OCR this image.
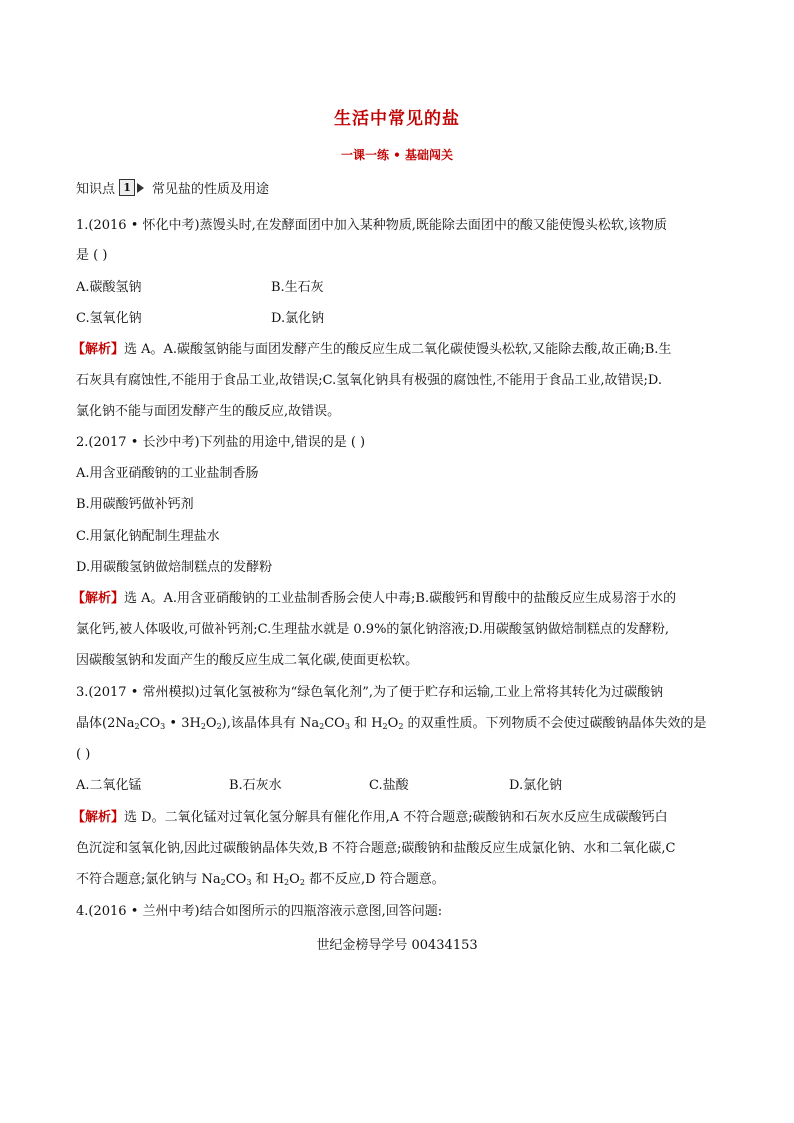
生活中常见的盐
一课一练 • 基础闯关
知识点 1	常见盐的性质及用途
1.(2016 • 怀化中考)蒸馒头时,在发酵面团中加入某种物质,既能除去面团中的酸又能使馒头松软,该物质
是 ( )
A.碳酸氢钠	B.生石灰
C.氢氧化钠	D.氯化钠
【解析】选 A。A.碳酸氢钠能与面团发酵产生的酸反应生成二氧化碳使馒头松软,又能除去酸,故正确;B.生
石灰具有腐蚀性,不能用于食品工业,故错误;C.氢氧化钠具有极强的腐蚀性,不能用于食品工业,故错误;D.
氯化钠不能与面团发酵产生的酸反应,故错误。
2.(2017 • 长沙中考)下列盐的用途中,错误的是 ( )
A.用含亚硝酸钠的工业盐制香肠
B.用碳酸钙做补钙剂
C.用氯化钠配制生理盐水
D.用碳酸氢钠做焙制糕点的发酵粉
【解析】选 A。A.用含亚硝酸钠的工业盐制香肠会使人中毒;B.碳酸钙和胃酸中的盐酸反应生成易溶于水的
氯化钙,被人体吸收,可做补钙剂;C.生理盐水就是 0.9%的氯化钠溶液;D.用碳酸氢钠做焙制糕点的发酵粉,
因碳酸氢钠和发面产生的酸反应生成二氧化碳,使面更松软。
3.(2017 • 常州模拟)过氧化氢被称为“绿色氧化剂”,为了便于贮存和运输,工业上常将其转化为过碳酸钠
晶体($2Na_2CO_3$ • $3H_2O_2$),该晶体具有 $Na_2CO_3$ 和 $H_2O_2$ 的双重性质。下列物质不会使过碳酸钠晶体失效的是
( )
A.二氧化锰	B.石灰水	C.盐酸	D.氯化钠
【解析】选 D。二氧化锰对过氧化氢分解具有催化作用,A 不符合题意;碳酸钠和石灰水反应生成碳酸钙白
色沉淀和氢氧化钠,因此过碳酸钠晶体失效,B 不符合题意;碳酸钠和盐酸反应生成氯化钠、水和二氧化碳,C
不符合题意;氯化钠与 $Na_2CO_3$ 和 $H_2O_2$ 都不反应,D 符合题意。
4.(2016 • 兰州中考)结合如图所示的四瓶溶液示意图,回答问题:
世纪金榜导学号 00434153
